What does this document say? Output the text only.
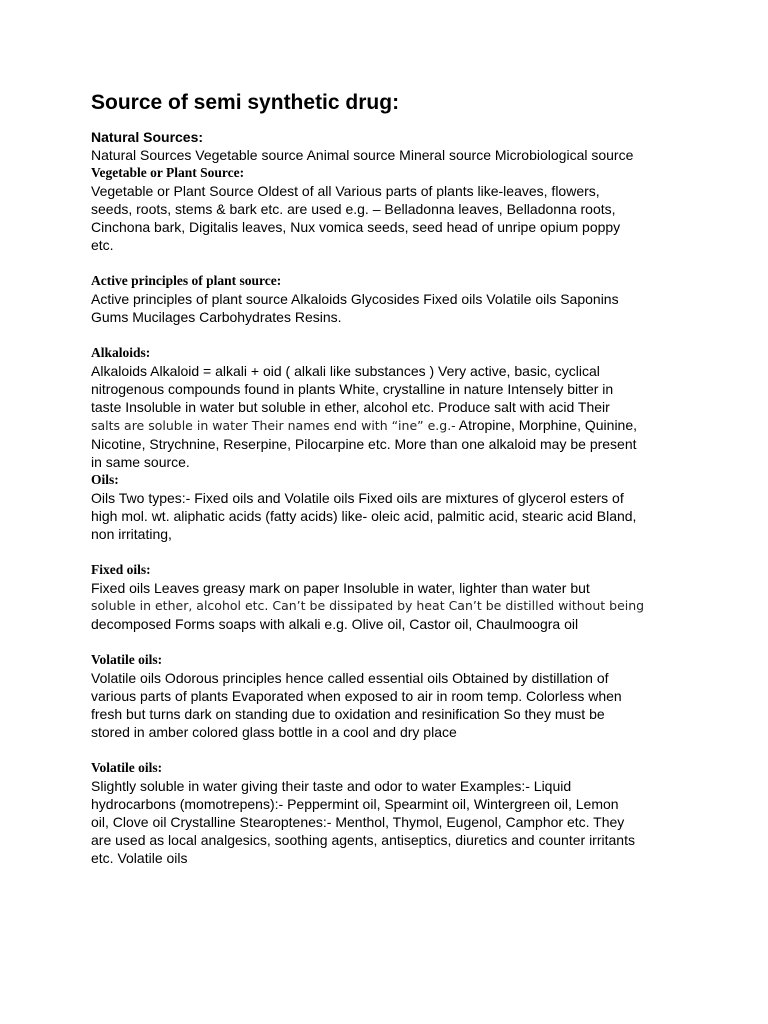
Source of semi synthetic drug:

Natural Sources:

Natural Sources Vegetable source Animal source Mineral source Microbiological source

Vegetable or Plant Source:

Vegetable or Plant Source Oldest of all Various parts of plants like-leaves, flowers,

seeds, roots, stems & bark etc. are used e.g. – Belladonna leaves, Belladonna roots,

Cinchona bark, Digitalis leaves, Nux vomica seeds, seed head of unripe opium poppy

etc.

Active principles of plant source:

Active principles of plant source Alkaloids Glycosides Fixed oils Volatile oils Saponins

Gums Mucilages Carbohydrates Resins.

Alkaloids:

Alkaloids Alkaloid = alkali + oid ( alkali like substances ) Very active, basic, cyclical

nitrogenous compounds found in plants White, crystalline in nature Intensely bitter in

taste Insoluble in water but soluble in ether, alcohol etc. Produce salt with acid Their

salts are soluble in water Their names end with “ine” e.g.- Atropine, Morphine, Quinine,

Nicotine, Strychnine, Reserpine, Pilocarpine etc. More than one alkaloid may be present

in same source.

Oils:

Oils Two types:- Fixed oils and Volatile oils Fixed oils are mixtures of glycerol esters of

high mol. wt. aliphatic acids (fatty acids) like- oleic acid, palmitic acid, stearic acid Bland,

non irritating,

Fixed oils:

Fixed oils Leaves greasy mark on paper Insoluble in water, lighter than water but

soluble in ether, alcohol etc. Can’t be dissipated by heat Can’t be distilled without being

decomposed Forms soaps with alkali e.g. Olive oil, Castor oil, Chaulmoogra oil

Volatile oils:

Volatile oils Odorous principles hence called essential oils Obtained by distillation of

various parts of plants Evaporated when exposed to air in room temp. Colorless when

fresh but turns dark on standing due to oxidation and resinification So they must be

stored in amber colored glass bottle in a cool and dry place

Volatile oils:

Slightly soluble in water giving their taste and odor to water Examples:- Liquid

hydrocarbons (momotrepens):- Peppermint oil, Spearmint oil, Wintergreen oil, Lemon

oil, Clove oil Crystalline Stearoptenes:- Menthol, Thymol, Eugenol, Camphor etc. They

are used as local analgesics, soothing agents, antiseptics, diuretics and counter irritants

etc. Volatile oils
